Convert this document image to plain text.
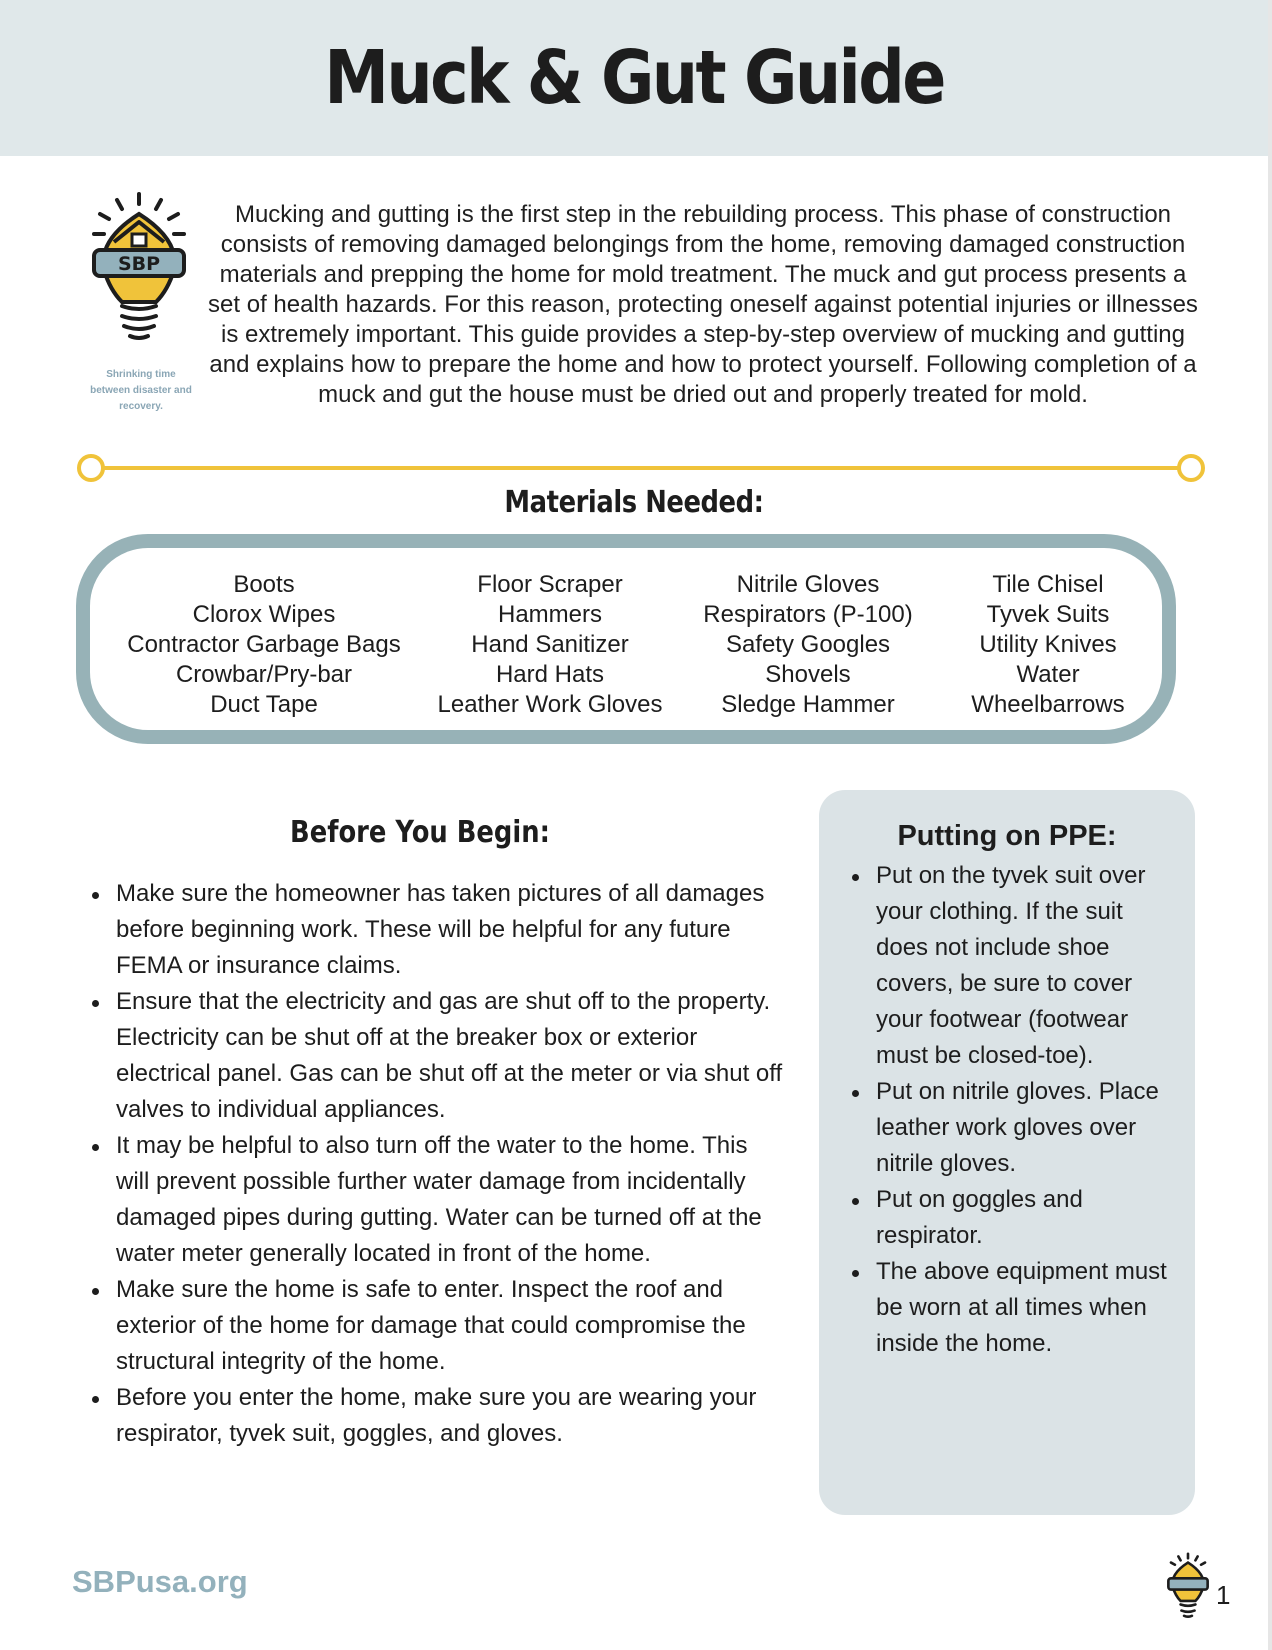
Muck & Gut Guide
SBP
Shrinking time between disaster and recovery.
Mucking and gutting is the first step in the rebuilding process. This phase of construction consists of removing damaged belongings from the home, removing damaged construction materials and prepping the home for mold treatment. The muck and gut process presents a set of health hazards. For this reason, protecting oneself against potential injuries or illnesses is extremely important. This guide provides a step-by-step overview of mucking and gutting and explains how to prepare the home and how to protect yourself. Following completion of a muck and gut the house must be dried out and properly treated for mold.
Materials Needed:
Boots
Clorox Wipes
Contractor Garbage Bags
Crowbar/Pry-bar
Duct Tape
Floor Scraper
Hammers
Hand Sanitizer
Hard Hats
Leather Work Gloves
Nitrile Gloves
Respirators (P-100)
Safety Googles
Shovels
Sledge Hammer
Tile Chisel
Tyvek Suits
Utility Knives
Water
Wheelbarrows
Before You Begin:
Make sure the homeowner has taken pictures of all damages before beginning work. These will be helpful for any future FEMA or insurance claims.
Ensure that the electricity and gas are shut off to the property. Electricity can be shut off at the breaker box or exterior electrical panel. Gas can be shut off at the meter or via shut off valves to individual appliances.
It may be helpful to also turn off the water to the home. This will prevent possible further water damage from incidentally damaged pipes during gutting. Water can be turned off at the water meter generally located in front of the home.
Make sure the home is safe to enter. Inspect the roof and exterior of the home for damage that could compromise the structural integrity of the home.
Before you enter the home, make sure you are wearing your respirator, tyvek suit, goggles, and gloves.
Putting on PPE:
Put on the tyvek suit over your clothing. If the suit does not include shoe covers, be sure to cover your footwear (footwear must be closed-toe).
Put on nitrile gloves. Place leather work gloves over nitrile gloves.
Put on goggles and respirator.
The above equipment must be worn at all times when inside the home.
SBPusa.org	1
